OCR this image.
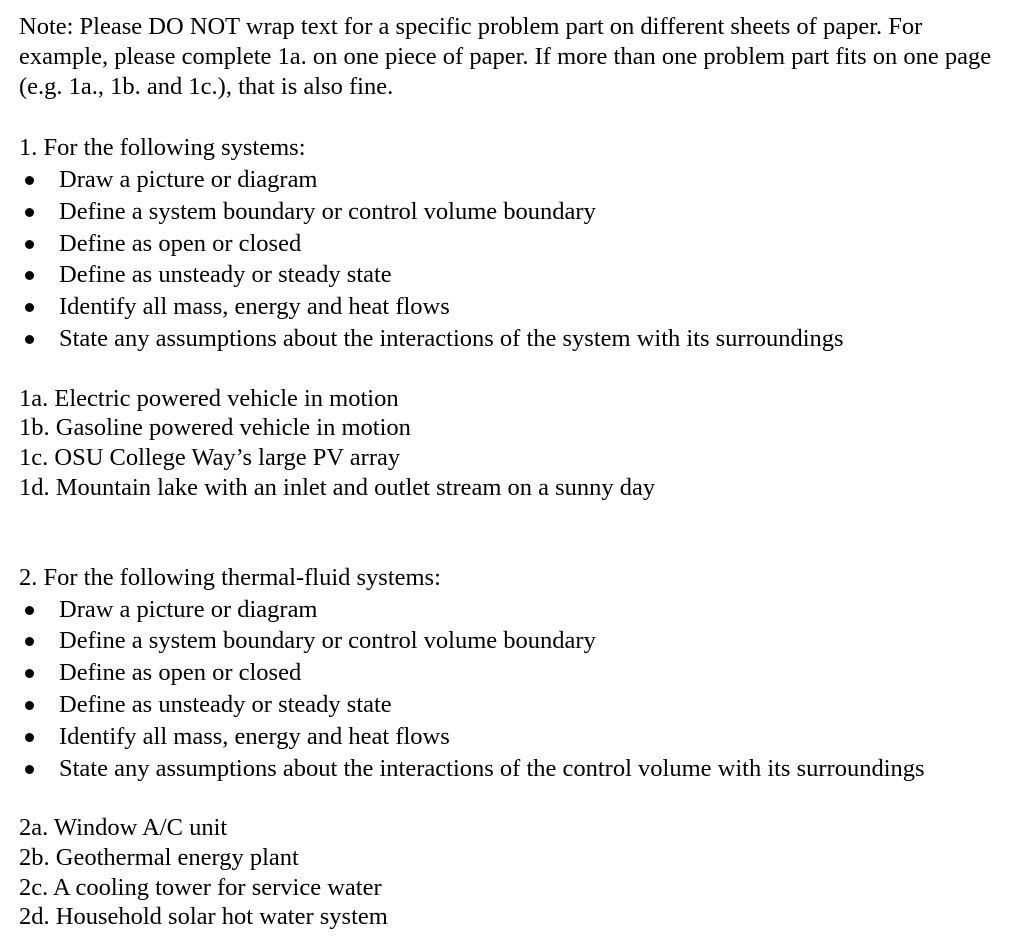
Note: Please DO NOT wrap text for a specific problem part on different sheets of paper. For example, please complete 1a. on one piece of paper. If more than one problem part fits on one page (e.g. 1a., 1b. and 1c.), that is also fine.

1. For the following systems:

Draw a picture or diagram
Define a system boundary or control volume boundary
Define as open or closed
Define as unsteady or steady state
Identify all mass, energy and heat flows
State any assumptions about the interactions of the system with its surroundings
1a. Electric powered vehicle in motion
1b. Gasoline powered vehicle in motion
1c. OSU College Way’s large PV array
1d. Mountain lake with an inlet and outlet stream on a sunny day

2. For the following thermal-fluid systems:

Draw a picture or diagram
Define a system boundary or control volume boundary
Define as open or closed
Define as unsteady or steady state
Identify all mass, energy and heat flows
State any assumptions about the interactions of the control volume with its surroundings
2a. Window A/C unit
2b. Geothermal energy plant
2c. A cooling tower for service water
2d. Household solar hot water system
